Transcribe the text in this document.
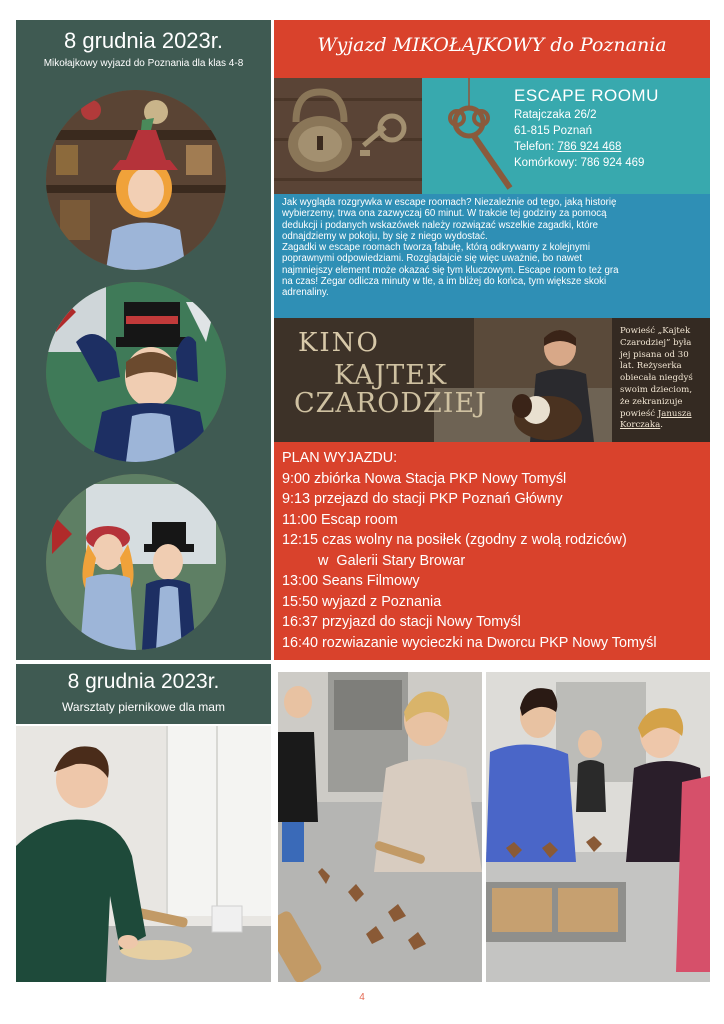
8 grudnia 2023r.
Mikołajkowy wyjazd do Poznania dla klas 4-8
Wyjazd MIKOŁAJKOWY do Poznania
ESCAPE ROOMU
Ratajczaka 26/2
61-815 Poznań
Telefon: 786 924 468
Komórkowy: 786 924 469

Jak wygląda rozgrywka w escape roomach? Niezależnie od tego, jaką historię
wybierzemy, trwa ona zazwyczaj 60 minut. W trakcie tej godziny za pomocą
dedukcji i podanych wskazówek należy rozwiązać wszelkie zagadki, które
odnajdziemy w pokoju, by się z niego wydostać.
Zagadki w escape roomach tworzą fabułę, którą odkrywamy z kolejnymi
poprawnymi odpowiedziami. Rozglądajcie się więc uważnie, bo nawet
najmniejszy element może okazać się tym kluczowym. Escape room to też gra
na czas! Zegar odlicza minuty w tle, a im bliżej do końca, tym większe skoki
adrenaliny.

KINO
KAJTEK
CZARODZIEJ

Powieść „Kajtek Czarodziej” była jej pisana od 30 lat. Reżyserka obiecała niegdyś swoim dzieciom, że zekranizuje powieść Janusza Korczaka.

PLAN WYJAZDU:
9:00 zbiórka Nowa Stacja PKP Nowy Tomyśl
9:13 przejazd do stacji PKP Poznań Główny
11:00 Escap room
12:15 czas wolny na posiłek (zgodny z wolą rodziców)
w  Galerii Stary Browar
13:00 Seans Filmowy
15:50 wyjazd z Poznania
16:37 przyjazd do stacji Nowy Tomyśl
16:40 rozwiazanie wycieczki na Dworcu PKP Nowy Tomyśl
8 grudnia 2023r.
Warsztaty piernikowe dla mam
4
